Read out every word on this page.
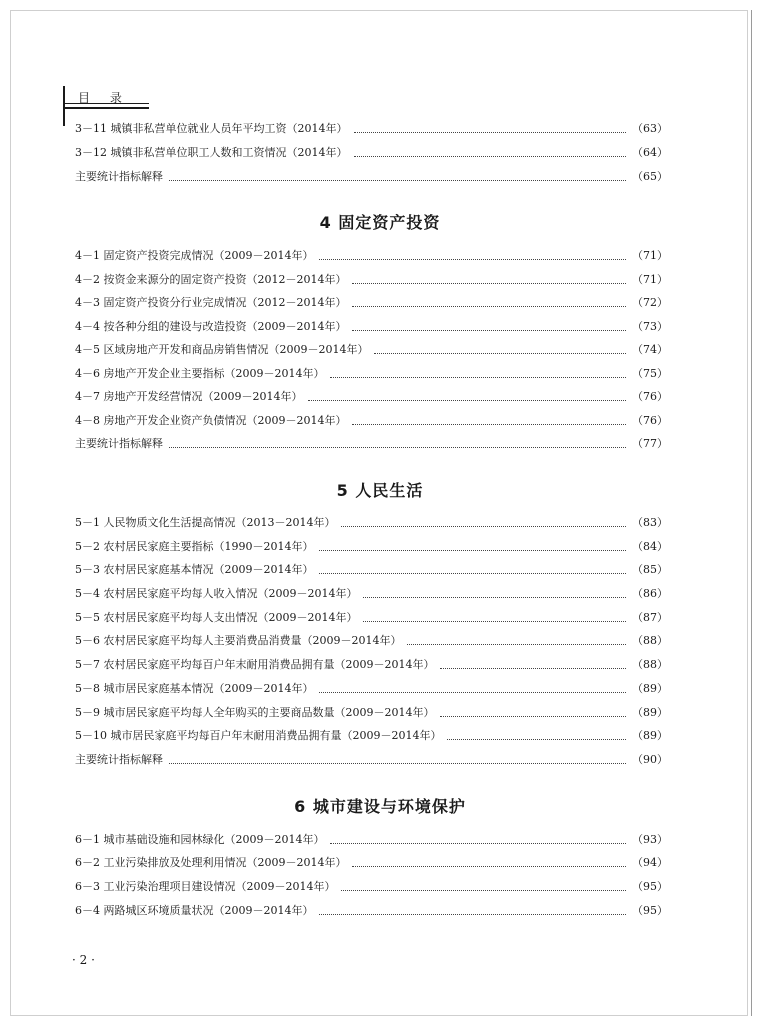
目 录
3－11 城镇非私营单位就业人员年平均工资（2014年）	（63）
3－12 城镇非私营单位职工人数和工资情况（2014年）	（64）
主要统计指标解释	（65）
4 固定资产投资
4－1 固定资产投资完成情况（2009－2014年）	（71）
4－2 按资金来源分的固定资产投资（2012－2014年）	（71）
4－3 固定资产投资分行业完成情况（2012－2014年）	（72）
4－4 按各种分组的建设与改造投资（2009－2014年）	（73）
4－5 区域房地产开发和商品房销售情况（2009－2014年）	（74）
4－6 房地产开发企业主要指标（2009－2014年）	（75）
4－7 房地产开发经营情况（2009－2014年）	（76）
4－8 房地产开发企业资产负债情况（2009－2014年）	（76）
主要统计指标解释	（77）
5 人民生活
5－1 人民物质文化生活提高情况（2013－2014年）	（83）
5－2 农村居民家庭主要指标（1990－2014年）	（84）
5－3 农村居民家庭基本情况（2009－2014年）	（85）
5－4 农村居民家庭平均每人收入情况（2009－2014年）	（86）
5－5 农村居民家庭平均每人支出情况（2009－2014年）	（87）
5－6 农村居民家庭平均每人主要消费品消费量（2009－2014年）	（88）
5－7 农村居民家庭平均每百户年末耐用消费品拥有量（2009－2014年）	（88）
5－8 城市居民家庭基本情况（2009－2014年）	（89）
5－9 城市居民家庭平均每人全年购买的主要商品数量（2009－2014年）	（89）
5－10 城市居民家庭平均每百户年末耐用消费品拥有量（2009－2014年）	（89）
主要统计指标解释	（90）
6 城市建设与环境保护
6－1 城市基础设施和园林绿化（2009－2014年）	（93）
6－2 工业污染排放及处理利用情况（2009－2014年）	（94）
6－3 工业污染治理项目建设情况（2009－2014年）	（95）
6－4 两路城区环境质量状况（2009－2014年）	（95）
· 2 ·
